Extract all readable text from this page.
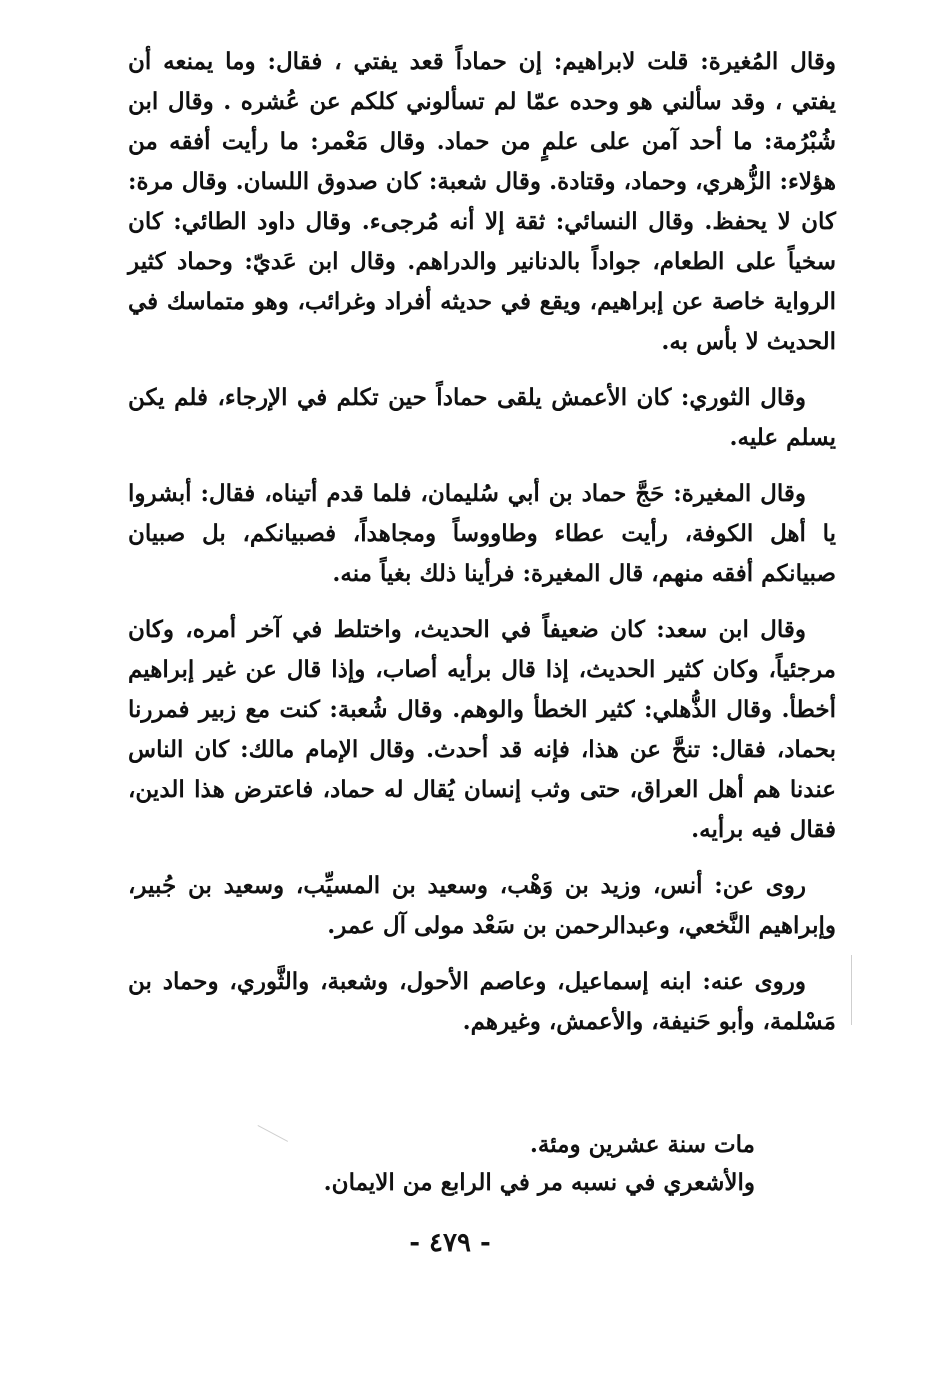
وقال المُغيرة: قلت لابراهيم: إن حماداً قعد يفتي ، فقال: وما يمنعه أن يفتي ، وقد سألني هو وحده عمّا لم تسألوني كلكم عن عُشره . وقال ابن شُبْرُمة: ما أحد آمن على علمٍ من حماد. وقال مَعْمر: ما رأيت أفقه من هؤلاء: الزُّهري، وحماد، وقتادة. وقال شعبة: كان صدوق اللسان. وقال مرة: كان لا يحفظ. وقال النسائي: ثقة إلا أنه مُرجىء. وقال داود الطائي: كان سخياً على الطعام، جواداً بالدنانير والدراهم. وقال ابن عَديّ: وحماد كثير الرواية خاصة عن إبراهيم، ويقع في حديثه أفراد وغرائب، وهو متماسك في الحديث لا بأس به.

وقال الثوري: كان الأعمش يلقى حماداً حين تكلم في الإرجاء، فلم يكن يسلم عليه.

وقال المغيرة: حَجَّ حماد بن أبي سُليمان، فلما قدم أتيناه، فقال: أبشروا يا أهل الكوفة، رأيت عطاء وطاووساً ومجاهداً، فصبيانكم، بل صبيان صبيانكم أفقه منهم، قال المغيرة: فرأينا ذلك بغياً منه.

وقال ابن سعد: كان ضعيفاً في الحديث، واختلط في آخر أمره، وكان مرجئياً، وكان كثير الحديث، إذا قال برأيه أصاب، وإذا قال عن غير إبراهيم أخطأ. وقال الذُّهلي: كثير الخطأ والوهم. وقال شُعبة: كنت مع زبير فمررنا بحماد، فقال: تنحَّ عن هذا، فإنه قد أحدث. وقال الإمام مالك: كان الناس عندنا هم أهل العراق، حتى وثب إنسان يُقال له حماد، فاعترض هذا الدين، فقال فيه برأيه.

روى عن: أنس، وزيد بن وَهْب، وسعيد بن المسيِّب، وسعيد بن جُبير، وإبراهيم النَّخعي، وعبدالرحمن بن سَعْد مولى آل عمر.

وروى عنه: ابنه إسماعيل، وعاصم الأحول، وشعبة، والثَّوري، وحماد بن مَسْلمة، وأبو حَنيفة، والأعمش، وغيرهم.

مات سنة عشرين ومئة.

والأشعري في نسبه مر في الرابع من الايمان.

- ٤٧٩ -
